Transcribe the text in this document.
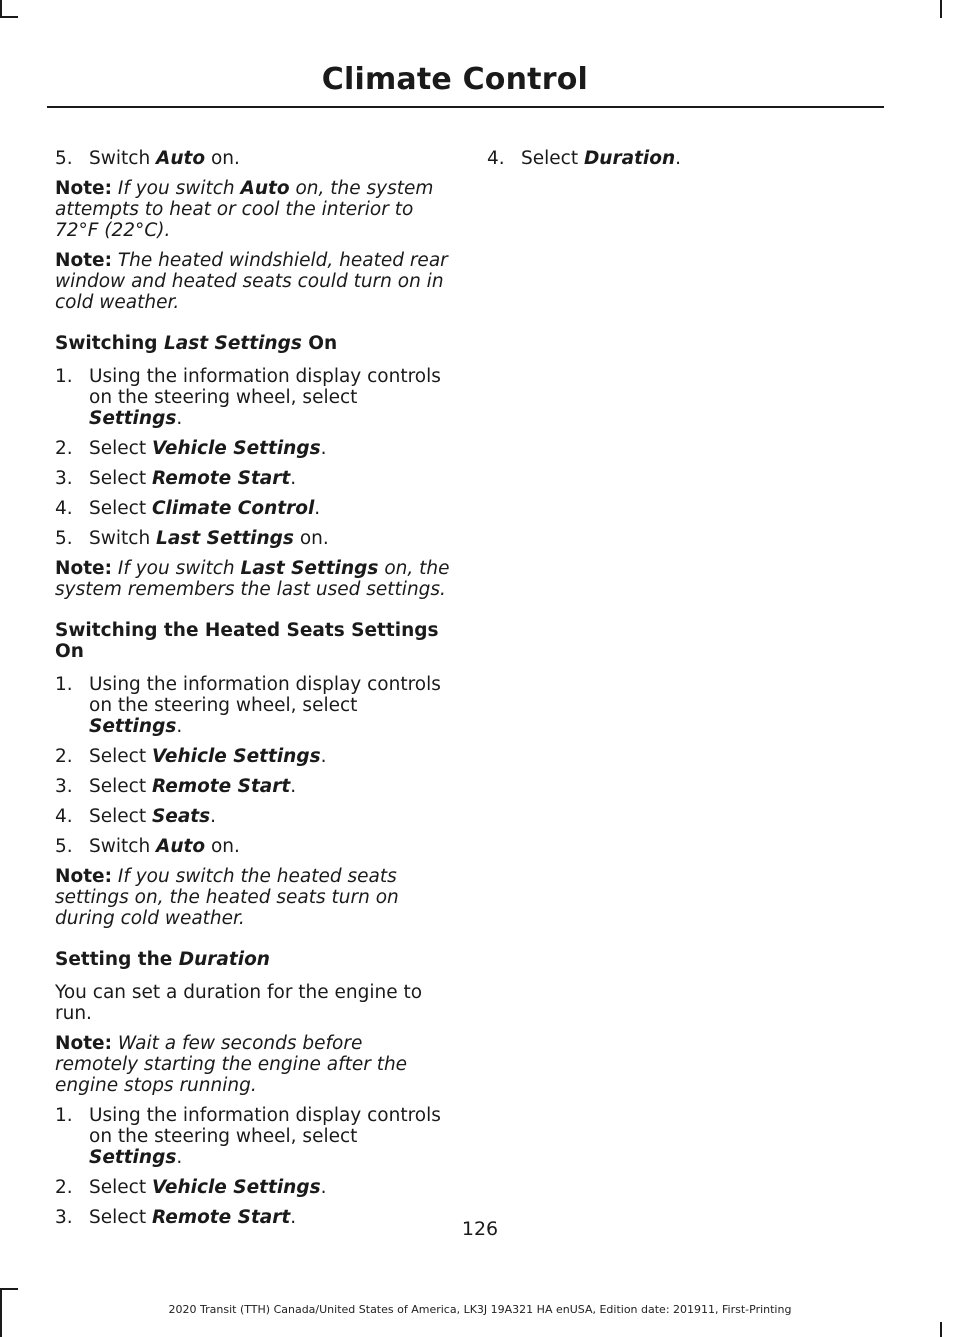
Climate Control
5. Switch Auto on.

Note: If you switch Auto on, the system attempts to heat or cool the interior to 72°F (22°C).

Note: The heated windshield, heated rear window and heated seats could turn on in cold weather.

Switching Last Settings On
1. Using the information display controls on the steering wheel, select Settings.
2. Select Vehicle Settings.
3. Select Remote Start.
4. Select Climate Control.
5. Switch Last Settings on.

Note: If you switch Last Settings on, the system remembers the last used settings.

Switching the Heated Seats Settings On
1. Using the information display controls on the steering wheel, select Settings.
2. Select Vehicle Settings.
3. Select Remote Start.
4. Select Seats.
5. Switch Auto on.

Note: If you switch the heated seats settings on, the heated seats turn on during cold weather.

Setting the Duration

You can set a duration for the engine to run.

Note: Wait a few seconds before remotely starting the engine after the engine stops running.

1. Using the information display controls on the steering wheel, select Settings.
2. Select Vehicle Settings.
3. Select Remote Start.
4. Select Duration.
126
2020 Transit (TTH) Canada/United States of America, LK3J 19A321 HA enUSA, Edition date: 201911, First-Printing
